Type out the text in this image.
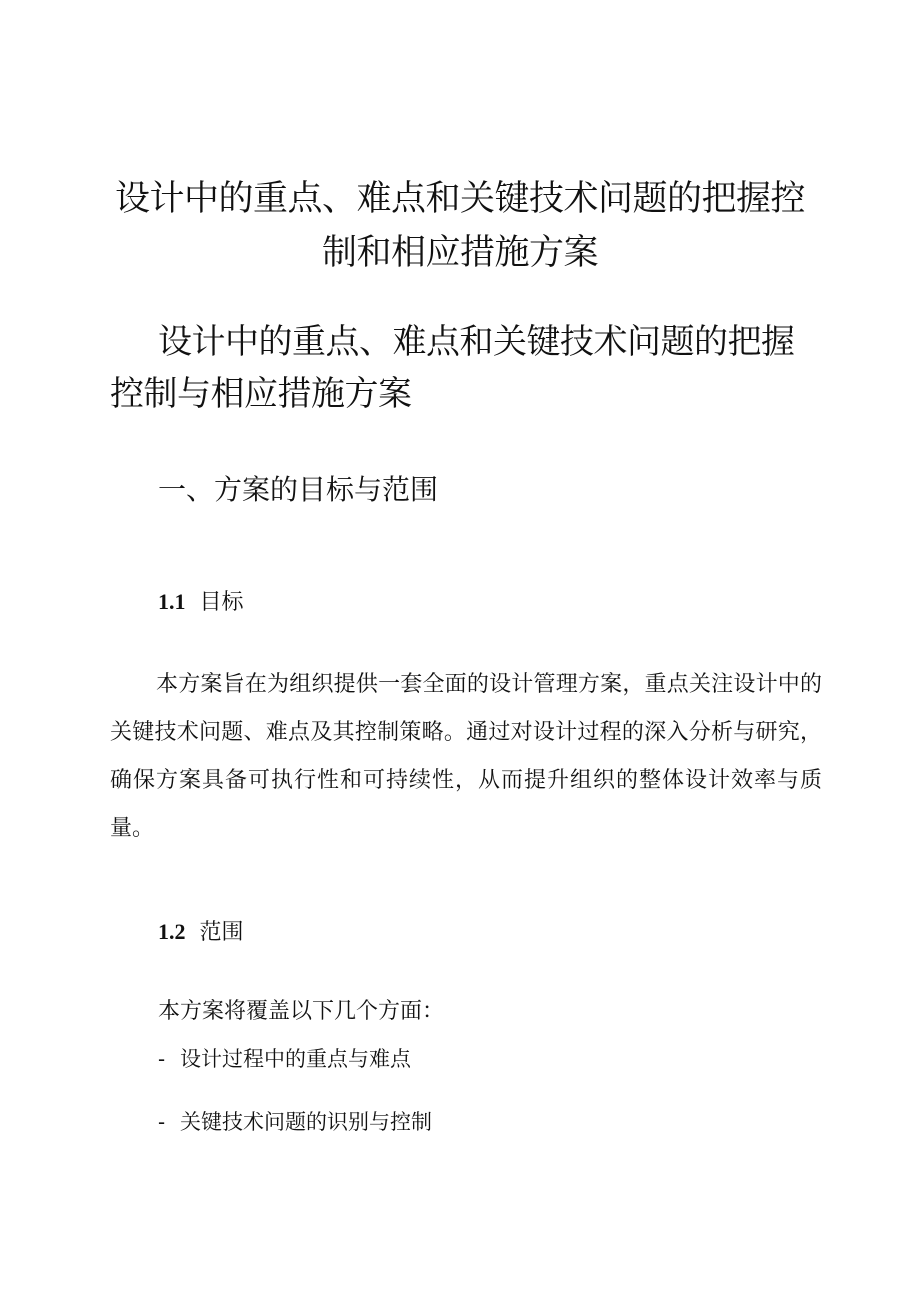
设计中的重点、难点和关键技术问题的把握控制和相应措施方案
设计中的重点、难点和关键技术问题的把握控制与相应措施方案
一、方案的目标与范围
1.1 目标

本方案旨在为组织提供一套全面的设计管理方案，重点关注设计中的关键技术问题、难点及其控制策略。通过对设计过程的深入分析与研究，确保方案具备可执行性和可持续性，从而提升组织的整体设计效率与质量。

1.2 范围

本方案将覆盖以下几个方面：

- 设计过程中的重点与难点
- 关键技术问题的识别与控制
